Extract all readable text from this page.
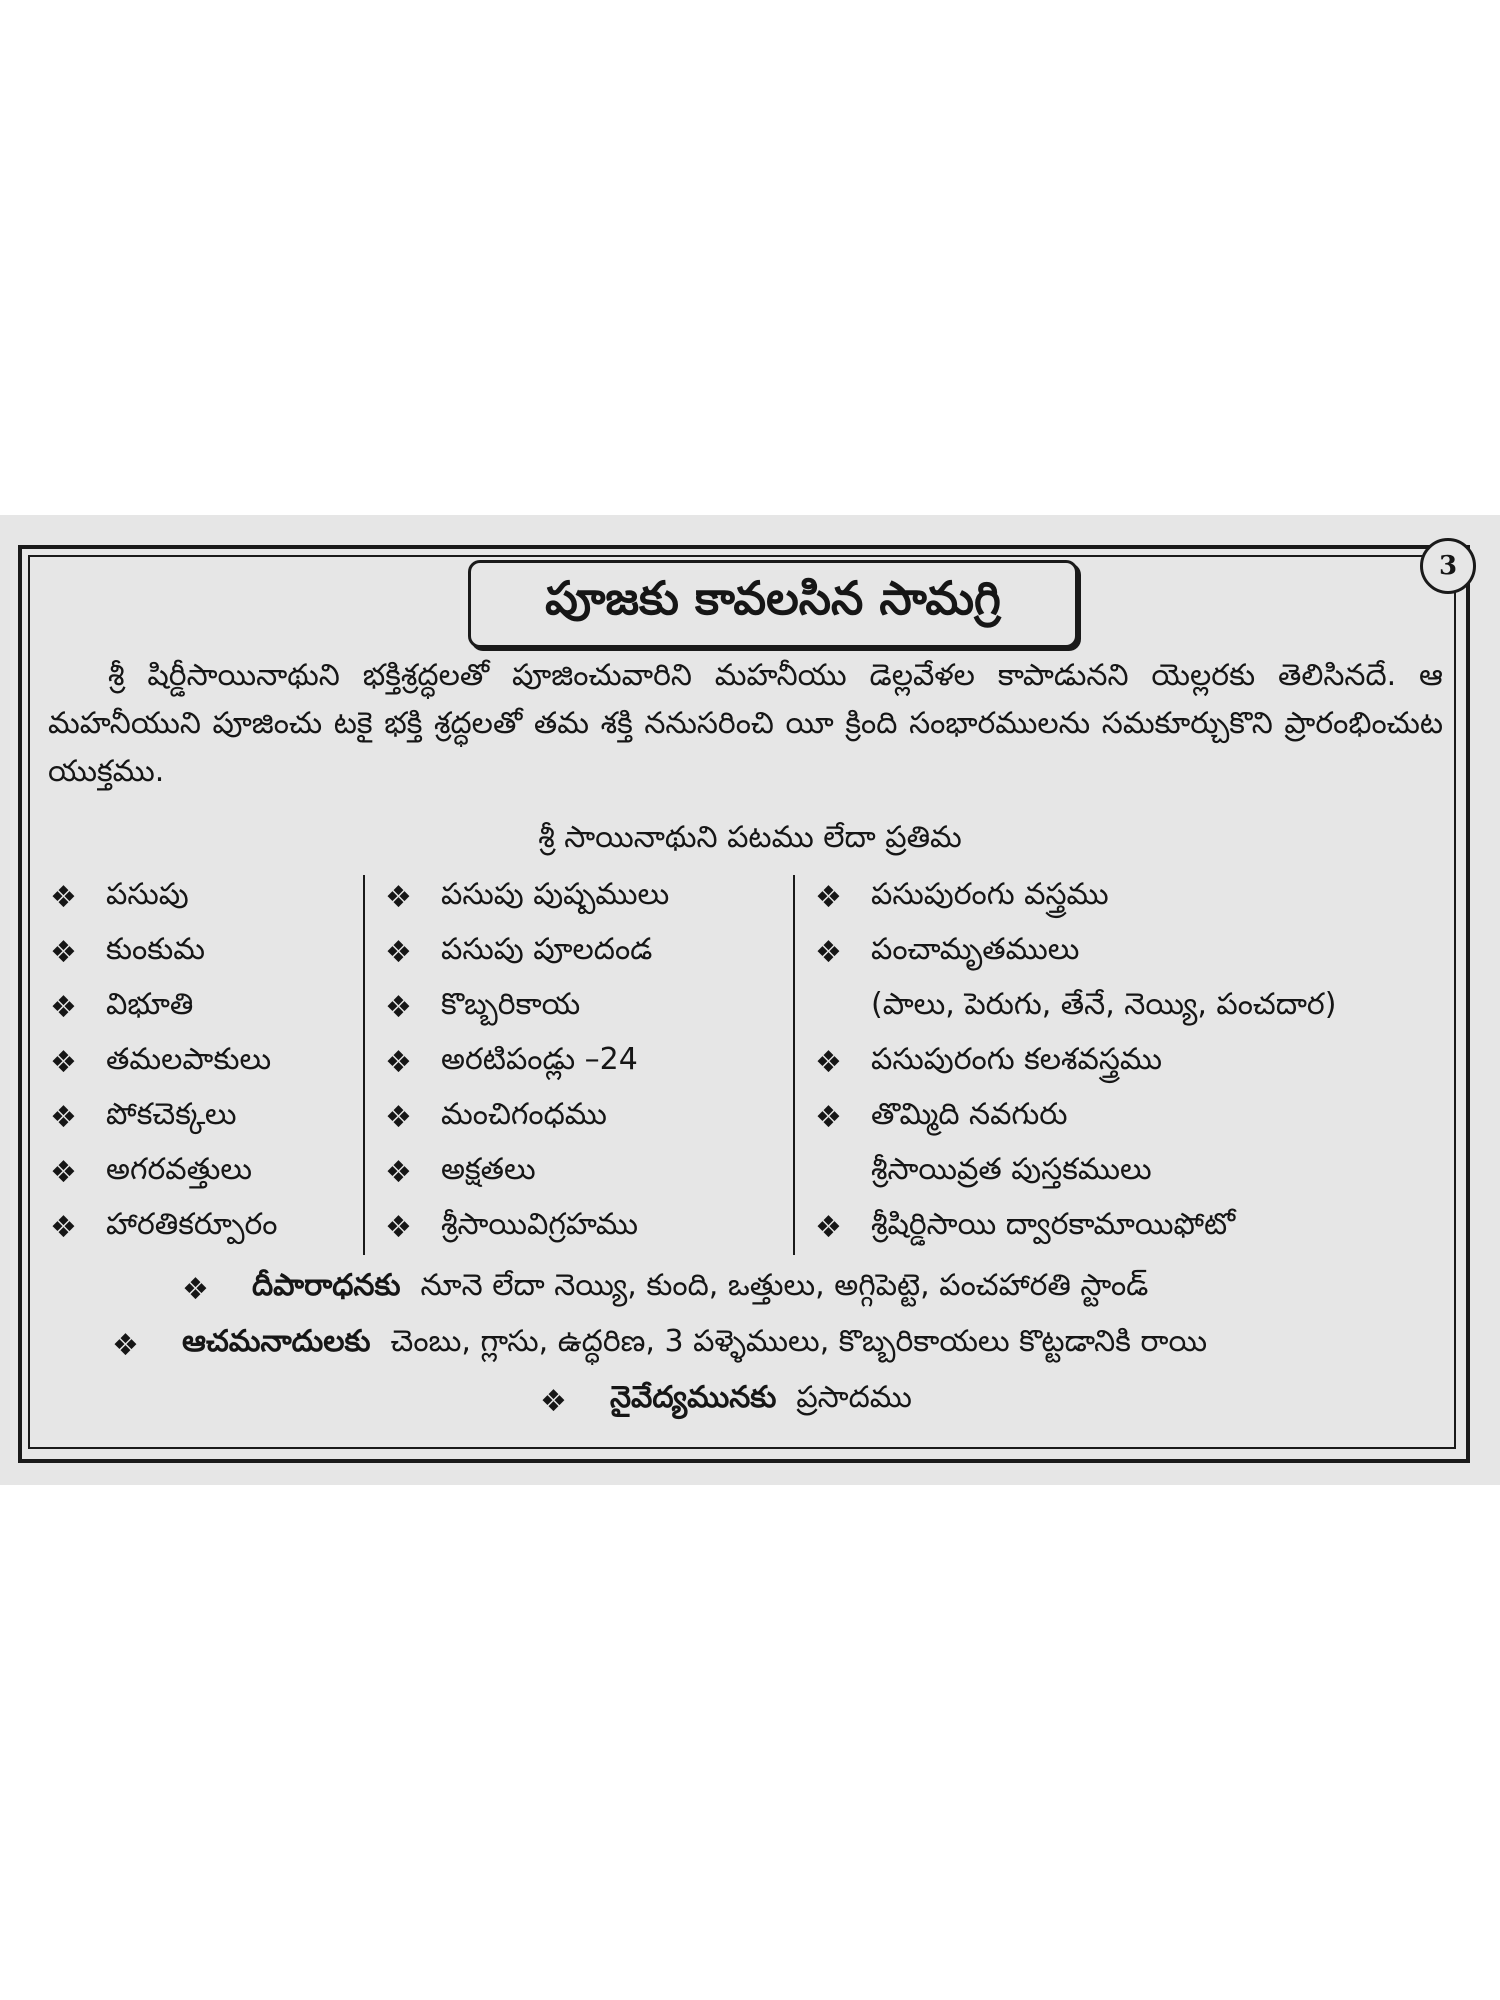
3
పూజకు కావలసిన సామగ్రి
శ్రీ షిర్డీసాయినాథుని భక్తిశ్రద్ధలతో పూజించువారిని మహనీయు డెల్లవేళల కాపాడునని యెల్లరకు తెలిసినదే. ఆ మహనీయుని పూజించు టకై భక్తి శ్రద్ధలతో తమ శక్తి ననుసరించి యీ క్రింది సంభారములను సమకూర్చుకొని ప్రారంభించుట యుక్తము.
శ్రీ సాయినాథుని పటము లేదా ప్రతిమ
❖ పసుపు
❖ కుంకుమ
❖ విభూతి
❖ తమలపాకులు
❖ పోకచెక్కలు
❖ అగరవత్తులు
❖ హారతికర్పూరం
❖ పసుపు పుష్పములు
❖ పసుపు పూలదండ
❖ కొబ్బరికాయ
❖ అరటిపండ్లు –24
❖ మంచిగంధము
❖ అక్షతలు
❖ శ్రీసాయివిగ్రహము
❖ పసుపురంగు వస్త్రము
❖ పంచామృతములు
(పాలు, పెరుగు, తేనే, నెయ్యి, పంచదార)
❖ పసుపురంగు కలశవస్త్రము
❖ తొమ్మిది నవగురు
శ్రీసాయివ్రత పుస్తకములు
❖ శ్రీషిర్డిసాయి ద్వారకామాయిఫోటో
❖	దీపారాధనకు నూనె లేదా నెయ్యి, కుంది, ఒత్తులు, అగ్గిపెట్టె, పంచహారతి స్టాండ్
❖	ఆచమనాదులకు చెంబు, గ్లాసు, ఉద్ధరిణ, 3 పళ్ళెములు, కొబ్బరికాయలు కొట్టడానికి రాయి
❖	నైవేద్యమునకు ప్రసాదము
